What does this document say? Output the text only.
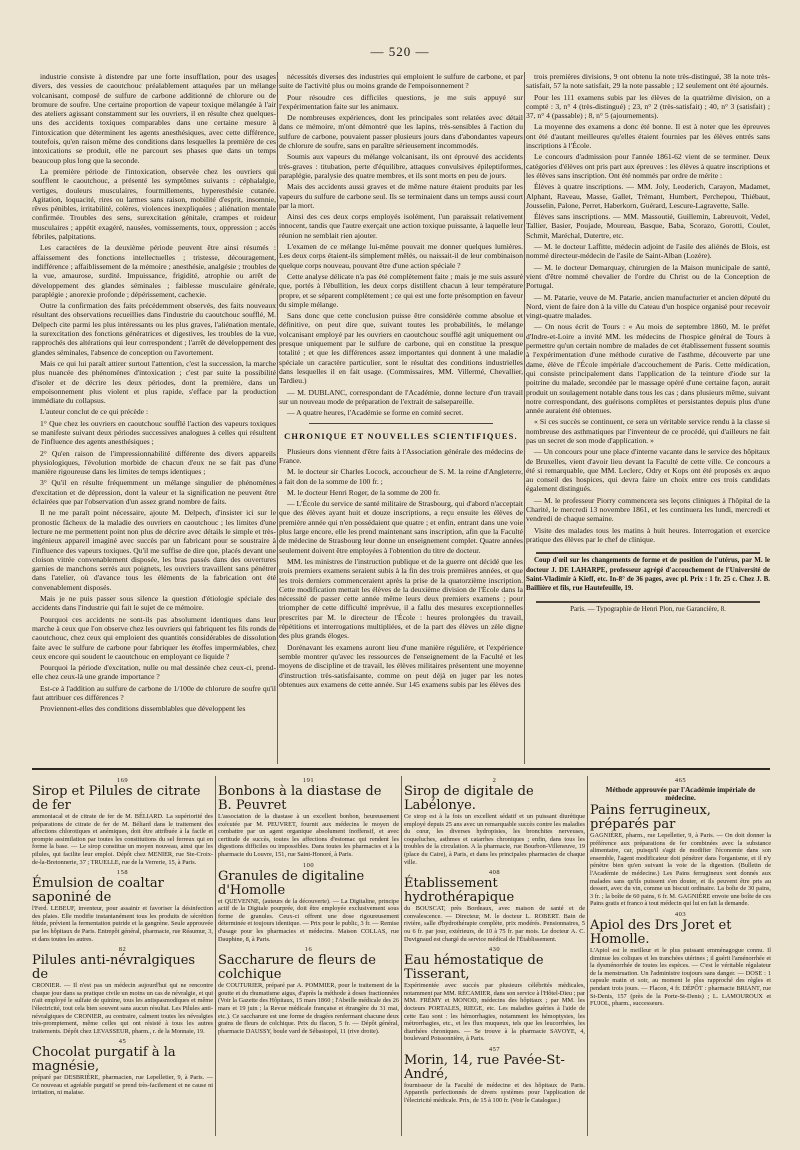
— 520 —

industrie consiste à distendre par une forte insufflation, pour des usages divers, des vessies de caoutchouc préalablement attaquées par un mélange volcanisant, composé de sulfure de carbone additionné de chlorure ou de bromure de soufre. Une certaine proportion de vapeur toxique mélangée à l'air des ateliers agissant constamment sur les ouvriers, il en résulte chez quelques-uns des accidents toxiques comparables dans une certaine mesure à l'intoxication que déterminent les agents anesthésiques, avec cette différence, toutefois, qu'en raison même des conditions dans lesquelles la première de ces intoxications se produit, elle ne parcourt ses phases que dans un temps beaucoup plus long que la seconde.

La première période de l'intoxication, observée chez les ouvriers qui soufflent le caoutchouc, a présenté les symptômes suivants : céphalalgie, vertiges, douleurs musculaires, fourmillements, hyperesthésie cutanée. Agitation, loquacité, rires ou larmes sans raison, mobilité d'esprit, insomnie, rêves pénibles, irritabilité, colères, violences inexpliquées ; aliénation mentale confirmée. Troubles des sens, surexcitation génitale, crampes et roideur musculaires ; appétit exagéré, nausées, vomissements, toux, oppression ; accès fébriles, palpitations.

Les caractères de la deuxième période peuvent être ainsi résumés : affaissement des fonctions intellectuelles ; tristesse, découragement, indifférence ; affaiblissement de la mémoire ; anesthésie, analgésie ; troubles de la vue, amaurose, surdité. Impuissance, frigidité, atrophie ou arrêt de développement des glandes séminales ; faiblesse musculaire générale, paraplégie ; anorexie profonde ; dépérissement, cachexie.

Outre la confirmation des faits précédemment observés, des faits nouveaux résultant des observations recueillies dans l'industrie du caoutchouc soufflé, M. Delpech cite parmi les plus intéressants ou les plus graves, l'aliénation mentale, la surexcitation des fonctions génératrices et digestives, les troubles de la vue, rapprochés des altérations qui leur correspondent ; l'arrêt de développement des glandes séminales, l'absence de conception ou l'avortement.

Mais ce qui lui paraît attirer surtout l'attention, c'est la succession, la marche plus nuancée des phénomènes d'intoxication ; c'est par suite la possibilité d'isoler et de décrire les deux périodes, dont la première, dans un empoisonnement plus violent et plus rapide, s'efface par la production immédiate du collapsus.

L'auteur conclut de ce qui précède :

1° Que chez les ouvriers en caoutchouc soufflé l'action des vapeurs toxiques se manifeste suivant deux périodes successives analogues à celles qui résultent de l'influence des agents anesthésiques ;

2° Qu'en raison de l'impressionnabilité différente des divers appareils physiologiques, l'évolution morbide de chacun d'eux ne se fait pas d'une manière rigoureuse dans les limites de temps identiques ;

3° Qu'il en résulte fréquemment un mélange singulier de phénomènes d'excitation et de dépression, dont la valeur et la signification ne peuvent être éclairées que par l'observation d'un assez grand nombre de faits.

Il ne me paraît point nécessaire, ajoute M. Delpech, d'insister ici sur le pronostic fâcheux de la maladie des ouvriers en caoutchouc ; les limites d'une lecture ne me permettent point non plus de décrire avec détails le simple et très-ingénieux appareil imaginé avec succès par un fabricant pour se soustraire à l'influence des vapeurs toxiques. Qu'il me suffise de dire que, placés devant une cloison vitrée convenablement disposée, les bras passés dans des ouvertures garnies de manchons serrés aux poignets, les ouvriers travaillent sans pénétrer dans l'atelier, où d'avance tous les éléments de la fabrication ont été convenablement disposés.

Mais je ne puis passer sous silence la question d'étiologie spéciale des accidents dans l'industrie qui fait le sujet de ce mémoire.

Pourquoi ces accidents ne sont-ils pas absolument identiques dans leur marche à ceux que l'on observe chez les ouvriers qui fabriquent les fils ronds de caoutchouc, chez ceux qui emploient des quantités considérables de dissolution faite avec le sulfure de carbone pour fabriquer les étoffes imperméables, chez ceux encore qui soudent le caoutchouc en employant ce liquide ?

Pourquoi la période d'excitation, nulle ou mal dessinée chez ceux-ci, prend-elle chez ceux-là une grande importance ?

Est-ce à l'addition au sulfure de carbone de 1/100e de chlorure de soufre qu'il faut attribuer ces différences ?

Proviennent-elles des conditions dissemblables que développent les

nécessités diverses des industries qui emploient le sulfure de carbone, et par suite de l'activité plus ou moins grande de l'empoisonnement ?

Pour résoudre ces difficiles questions, je me suis appuyé sur l'expérimentation faite sur les animaux.

De nombreuses expériences, dont les principales sont relatées avec détail dans ce mémoire, m'ont démontré que les lapins, très-sensibles à l'action du sulfure de carbone, pouvaient passer plusieurs jours dans d'abondantes vapeurs de chlorure de soufre, sans en paraître sérieusement incommodés.

Soumis aux vapeurs du mélange volcanisant, ils ont éprouvé des accidents très-graves : titubation, perte d'équilibre, attaques convulsives épileptiformes, paraplégie, paralysie des quatre membres, et ils sont morts en peu de jours.

Mais des accidents aussi graves et de même nature étaient produits par les vapeurs du sulfure de carbone seul. Ils se terminaient dans un temps aussi court par la mort.

Ainsi des ces deux corps employés isolément, l'un paraissait relativement innocent, tandis que l'autre exerçait une action toxique puissante, à laquelle leur réunion ne semblait rien ajouter.

L'examen de ce mélange lui-même pouvait me donner quelques lumières. Les deux corps étaient-ils simplement mêlés, ou naissait-il de leur combinaison quelque corps nouveau, pouvant être d'une action spéciale ?

Cette analyse délicate n'a pas été complètement faite ; mais je me suis assuré que, portés à l'ébullition, les deux corps distillent chacun à leur température propre, et se séparent complètement ; ce qui est une forte présomption en faveur du simple mélange.

Sans donc que cette conclusion puisse être considérée comme absolue et définitive, on peut dire que, suivant toutes les probabilités, le mélange volcanisant employé par les ouvriers en caoutchouc soufflé agit uniquement ou presque uniquement par le sulfure de carbone, qui en constitue la presque totalité ; et que les différences assez importantes qui donnent à une maladie spéciale un caractère particulier, sont le résultat des conditions industrielles dans lesquelles il en fait usage. (Commissaires, MM. Villermé, Chevallier, Tardieu.)

— M. DUBLANC, correspondant de l'Académie, donne lecture d'un travail sur un nouveau mode de préparation de l'extrait de salsepareille.

— A quatre heures, l'Académie se forme en comité secret.

CHRONIQUE ET NOUVELLES SCIENTIFIQUES.

Plusieurs dons viennent d'être faits à l'Association générale des médecins de France.

M. le docteur sir Charles Locock, accoucheur de S. M. la reine d'Angleterre, a fait don de la somme de 100 fr. ;

M. le docteur Henri Roger, de la somme de 200 fr.

— L'École du service de santé militaire de Strasbourg, qui d'abord n'acceptait que des élèves ayant huit et douze inscriptions, a reçu ensuite les élèves de première année qui n'en possédaient que quatre ; et enfin, entrant dans une voie plus large encore, elle les prend maintenant sans inscription, afin que la Faculté de médecine de Strasbourg leur donne un enseignement complet. Quatre années seulement doivent être employées à l'obtention du titre de docteur.

MM. les ministres de l'instruction publique et de la guerre ont décidé que les trois premiers examens seraient subis à la fin des trois premières années, et que les trois derniers commenceraient après la prise de la quatorzième inscription. Cette modification mettait les élèves de la deuxième division de l'École dans la nécessité de passer cette année même leurs deux premiers examens ; pour triompher de cette difficulté imprévue, il a fallu des mesures exceptionnelles prescrites par M. le directeur de l'École : heures prolongées du travail, répétitions et interrogations multipliées, et de la part des élèves un zèle digne des plus grands éloges.

Dorénavant les examens auront lieu d'une manière régulière, et l'expérience semble montrer qu'avec les ressources de l'enseignement de la Faculté et les moyens de discipline et de travail, les élèves militaires présentent une moyenne d'instruction très-satisfaisante, comme on peut déjà en juger par les notes obtenues aux examens de cette année. Sur 145 examens subis par les élèves des

trois premières divisions, 9 ont obtenu la note très-distingué, 38 la note très-satisfait, 57 la note satisfait, 29 la note passable ; 12 seulement ont été ajournés.

Pour les 111 examens subis par les élèves de la quatrième division, on a compté : 3, n° 4 (très-distingué) ; 23, n° 2 (très-satisfait) ; 40, n° 3 (satisfait) ; 37, n° 4 (passable) ; 8, n° 5 (ajournements).

La moyenne des examens a donc été bonne. Il est à noter que les épreuves ont été d'autant meilleures qu'elles étaient fournies par les élèves entrés sans inscriptions à l'École.

Le concours d'admission pour l'année 1861-62 vient de se terminer. Deux catégories d'élèves ont pris part aux épreuves : les élèves à quatre inscriptions et les élèves sans inscription. Ont été nommés par ordre de mérite :

Élèves à quatre inscriptions. — MM. Joly, Leoderich, Carayon, Madamet, Alphant, Raveau, Masse, Gallet, Trémant, Humbert, Perchepou, Thiébaut, Jousselin, Palone, Perret, Haberkorn, Guérard, Lescure-Lagravette, Salle.

Élèves sans inscriptions. — MM. Massoutié, Guillemin, Labreuvoit, Vedel, Tallier, Basier, Poujade, Moureau, Basque, Baba, Scorazo, Gorotti, Coulet, Schmit, Maréchal, Dutertre, etc.

— M. le docteur Laffitte, médecin adjoint de l'asile des aliénés de Blois, est nommé directeur-médecin de l'asile de Saint-Alban (Lozère).

— M. le docteur Demarquay, chirurgien de la Maison municipale de santé, vient d'être nommé chevalier de l'ordre du Christ ou de la Conception de Portugal.

— M. Patarie, veuve de M. Patarie, ancien manufacturier et ancien député du Nord, vient de faire don à la ville du Cateau d'un hospice organisé pour recevoir vingt-quatre malades.

— On nous écrit de Tours : « Au mois de septembre 1860, M. le préfet d'Indre-et-Loire a invité MM. les médecins de l'hospice général de Tours à permettre qu'un certain nombre de malades de cet établissement fussent soumis à l'expérimentation d'une méthode curative de l'asthme, découverte par une dame, élève de l'École impériale d'accouchement de Paris. Cette médication, qui consiste principalement dans l'application de la teinture d'iode sur la poitrine du malade, secondée par le massage opéré d'une certaine façon, aurait produit un soulagement notable dans tous les cas ; dans plusieurs même, suivant notre correspondant, des guérisons complètes et persistantes depuis plus d'une année auraient été obtenues.

« Si ces succès se continuent, ce sera un véritable service rendu à la classe si nombreuse des asthmatiques par l'inventeur de ce procédé, qui d'ailleurs ne fait pas un secret de son mode d'application. »

— Un concours pour une place d'interne vacante dans le service des hôpitaux de Bruxelles, vient d'avoir lieu devant la Faculté de cette ville. Ce concours a été si remarquable, que MM. Leclerc, Odry et Kops ont été proposés ex æquo au conseil des hospices, qui devra faire un choix entre ces trois candidats également distingués.

— M. le professeur Piorry commencera ses leçons cliniques à l'hôpital de la Charité, le mercredi 13 novembre 1861, et les continuera les lundi, mercredi et vendredi de chaque semaine.

Visite des malades tous les matins à huit heures. Interrogation et exercice pratique des élèves par le chef de clinique.

Coup d'œil sur les changements de forme et de position de l'utérus, par M. le docteur J. DE LAHARPE, professeur agrégé d'accouchement de l'Université de Saint-Vladimir à Kieff, etc. In-8° de 36 pages, avec pl. Prix : 1 fr. 25 c. Chez J. B. Baillière et fils, rue Hautefeuille, 19.

Paris. — Typographie de Henri Plon, rue Garancière, 8.

169
Sirop et Pilules de citrate de fer
ammoniacal et de citrate de fer de M. BÉLIARD. La supériorité des préparations de citrate de fer de M. Béliard dans le traitement des affections chlorotiques et anémiques, doit être attribuée à la facile et prompte assimilation par toutes les constitutions du sel ferreux qui en forme la base. — Le sirop constitue un moyen nouveau, ainsi que les pilules, qui facilite leur emploi. Dépôt chez MENIER, rue Ste-Croix-de-la-Bretonnerie, 37 ; TRUELLE, rue de la Verrerie, 15, à Paris.
158
Émulsion de coaltar saponiné de
l'Ferd. LEBEUF, inventeur, pour assainir et favoriser la désinfection des plaies. Elle modifie instantanément tous les produits de sécrétion fétide, prévient la fermentation putride et la gangrène. Seule approuvée par les hôpitaux de Paris. Entrepôt général, pharmacie, rue Réaumur, 3, et dans toutes les autres.
82
Pilules anti-névralgiques de
CRONIER. — Il n'est pas un médecin aujourd'hui qui ne rencontre chaque jour dans sa pratique civile un moins un cas de névralgie, et qui n'ait employé le sulfate de quinine, tous les antispasmodiques et même l'électricité, tout cela bien souvent sans aucun résultat. Les Pilules anti-névralgiques de CRONIER, au contraire, calment toutes les névralgies très-promptement, même celles qui ont résisté à tous les autres traitements. Dépôt chez LEVASSEUR, pharm., r. de la Monnaie, 19.
45
Chocolat purgatif à la magnésie,
préparé par DESBRIÈRE, pharmacien, rue Lepelletier, 9, à Paris. — Ce nouveau et agréable purgatif se prend très-facilement et ne cause ni irritation, ni malaise.
191
Bonbons à la diastase de B. Peuvret
L'association de la diastase à un excellent bonbon, heureusement exécutée par M. PEUVRET, fournit aux médecins le moyen de combattre par un agent organique absolument inoffensif, et avec certitude de succès, toutes les affections d'estomac qui rendent les digestions difficiles ou impossibles. Dans toutes les pharmacies et à la pharmacie du Louvre, 151, rue Saint-Honoré, à Paris.
100
Granules de digitaline d'Homolle
et QUEVENNE, (auteurs de la découverte). — La Digitaline, principe actif de la Digitale pourprée, doit être employée exclusivement sous forme de granules. Ceux-ci offrent une dose rigoureusement déterminée et toujours identique. — Prix pour le public, 3 fr. — Remise d'usage pour les pharmacies et médecins. Maison COLLAS, rue Dauphine, 8, à Paris.
16
Saccharure de fleurs de colchique
de COUTURIER, préparé par A. POMMIER, pour le traitement de la goutte et du rhumatisme aigus, d'après la méthode à doses fractionnées (Voir la Gazette des Hôpitaux, 15 mars 1860 ; l'Abeille médicale des 26 mars et 19 juin ; la Revue médicale française et étrangère du 31 mai, etc.). Ce saccharure est une forme de dragées renfermant chacune deux grains de fleurs de colchique. Prix du flacon, 5 fr. — Dépôt général, pharmacie DAUSSY, boule vard de Sébastopol, 11 (rive droite).
2
Sirop de digitale de Labélonye.
Ce sirop est à la fois un excellent sédatif et un puissant diurétique employé depuis 25 ans avec un remarquable succès contre les maladies du cœur, les diverses hydropisies, les bronchites nerveuses, coqueluches, asthmes et catarrhes chroniques ; enfin, dans tous les troubles de la circulation. A la pharmacie, rue Bourbon-Villeneuve, 19 (place du Caire), à Paris, et dans les principales pharmacies de chaque ville.
408
Établissement hydrothérapique
du BOUSCAT, près Bordeaux, avec maison de santé et de convalescence. — Directeur, M. le docteur L. ROBERT. Bain de rivière, salle d'hydrothérapie complète, prix modérés. Pensionnaires, 5 ou 6 fr. par jour, extérieurs, de 10 à 75 fr. par mois. Le docteur A. C. Duvignaud est chargé du service médical de l'Établissement.
430
Eau hémostatique de Tisserant,
Expérimentée avec succès par plusieurs célébrités médicales, notamment par MM. RÉCAMIER, dans son service à l'Hôtel-Dieu ; par MM. FRÉMY et MONOD, médecins des hôpitaux ; par MM. les docteurs PORTALES, RIEGE, etc. Les maladies guéries à l'aide de cette Eau sont : les hémorrhagies, notamment les hémoptysies, les métrorrhagies, etc., et les flux muqueux, tels que les leucorrhées, les diarrhées chroniques. — Se trouve à la pharmacie SAVOYE, 4, boulevard Poissonnière, à Paris.
457
Morin, 14, rue Pavée-St-André,
fournisseur de la Faculté de médecine et des hôpitaux de Paris. Appareils perfectionnés de divers systèmes pour l'application de l'électricité médicale. Prix, de 15 à 100 fr. (Voir le Catalogue.)
465
Méthode approuvée par l'Académie impériale de médecine.
Pains ferrugineux, préparés par
GAGNIÈRE, pharm., rue Lepelletier, 9, à Paris. — On doit donner la préférence aux préparations de fer combinées avec la substance alimentaire, car, puisqu'il s'agit de modifier l'économie dans son ensemble, l'agent modificateur doit pénétrer dans l'organisme, et il n'y pénètre bien qu'en suivant la voie de la digestion. (Bulletin de l'Académie de médecine.) Les Pains ferrugineux sont donnés aux malades sans qu'ils puissent s'en douter, et ils peuvent être pris au dessert, avec du vin, comme un biscuit ordinaire. La boîte de 30 pains, 3 fr. ; la boîte de 60 pains, 6 fr. M. GAGNIÈRE envoie une boîte de ces Pains gratis et franco à tout médecin qui lui en fait la demande.
403
Apiol des Drs Joret et Homolle.
L'Apiol est le meilleur et le plus puissant emménagogue connu. Il diminue les coliques et les tranchées utérines ; il guérit l'aménorrhée et la dysménorrhée de toutes les espèces. — C'est le véritable régulateur de la menstruation. Un l'administre toujours sans danger. — DOSE : 1 capsule matin et soir, au moment le plus rapproché des règles et pendant trois jours. — Flacon, 4 fr. DÉPÔT : pharmacie BRIANT, rue St-Denis, 157 (près de la Porte-St-Denis) ; L. LAMOUROUX et FUJOL, pharm., successeurs.
